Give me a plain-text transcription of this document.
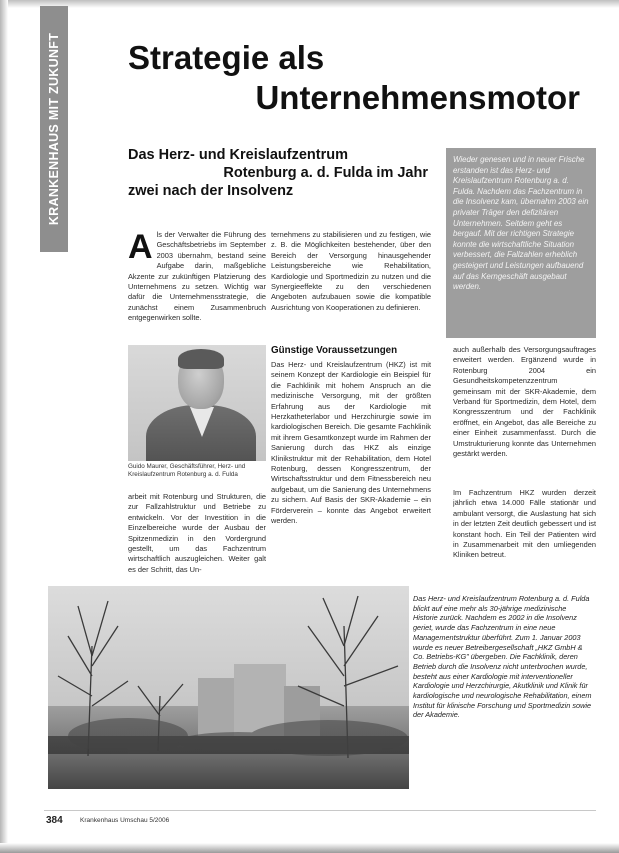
KRANKENHAUS MIT ZUKUNFT Strategie als
Unternehmensmotor
Das Herz- und Kreislaufzentrum
Rotenburg a. d. Fulda im Jahr
zwei nach der Insolvenz
Wieder genesen und in neuer Frische erstanden ist das Herz- und Kreislaufzentrum Rotenburg a. d. Fulda. Nachdem das Fachzentrum in die Insolvenz kam, übernahm 2003 ein privater Träger den defizitären Unternehmen. Seitdem geht es bergauf. Mit der richtigen Strategie konnte die wirtschaftliche Situation verbessert, die Fallzahlen erheblich gesteigert und Leistungen aufbauend auf das Kerngeschäft ausgebaut werden.
Als der Verwalter die Führung des Geschäftsbetriebs im September 2003 übernahm, bestand seine Aufgabe darin, maßgebliche Akzente zur zukünftigen Platzierung des Unternehmens zu setzen. Wichtig war dafür die Unternehmensstrategie, die zunächst einem Zusammenbruch entgegenwirken sollte.
Guido Maurer, Geschäftsführer, Herz- und Kreislaufzentrum Rotenburg a. d. Fulda
arbeit mit Rotenburg und Strukturen, die zur Fallzahlstruktur und Betriebe zu entwickeln. Vor der Investition in die Einzelbereiche wurde der Ausbau der Spitzenmedizin in den Vordergrund gestellt, um das Fachzentrum wirtschaftlich auszugleichen. Weiter galt es der Schritt, das Un-
ternehmens zu stabilisieren und zu festigen, wie z. B. die Möglichkeiten bestehender, über den Bereich der Versorgung hinausgehender Leistungsbereiche wie Rehabilitation, Kardiologie und Sportmedizin zu nutzen und die Synergieeffekte zu den verschiedenen Angeboten aufzubauen sowie die kompatible Ausrichtung von Kooperationen zu definieren.
Günstige Voraussetzungen
Das Herz- und Kreislaufzentrum (HKZ) ist mit seinem Konzept der Kardiologie ein Beispiel für die Fachklinik mit hohem Anspruch an die medizinische Versorgung, mit der größten Erfahrung aus der Kardiologie mit Herzkatheterlabor und Herzchirurgie sowie im kardiologischen Bereich. Die gesamte Fachklinik mit ihrem Gesamtkonzept wurde im Rahmen der Sanierung durch das HKZ als einzige Klinikstruktur mit der Rehabilitation, dem Hotel Rotenburg, dessen Kongresszentrum, der Wirtschaftsstruktur und dem Fitnessbereich neu aufgebaut, um die Sanierung des Unternehmens zu sichern. Auf Basis der SKR-Akademie – ein Förderverein – konnte das Angebot erweitert werden.
auch außerhalb des Versorgungsauftrages erweitert werden. Ergänzend wurde in Rotenburg 2004 ein Gesundheitskompetenzzentrum gemeinsam mit der SKR-Akademie, dem Verband für Sportmedizin, dem Hotel, dem Kongresszentrum und der Fachklinik eröffnet, ein Angebot, das alle Bereiche zu einer Einheit zusammenfasst. Durch die Umstrukturierung konnte das Unternehmen gestärkt werden.
Im Fachzentrum HKZ wurden derzeit jährlich etwa 14.000 Fälle stationär und ambulant versorgt, die Auslastung hat sich in der letzten Zeit deutlich gebessert und ist konstant hoch. Ein Teil der Patienten wird in Zusammenarbeit mit den umliegenden Kliniken betreut.
Das Herz- und Kreislaufzentrum Rotenburg a. d. Fulda blickt auf eine mehr als 30-jährige medizinische Historie zurück. Nachdem es 2002 in die Insolvenz geriet, wurde das Fachzentrum in eine neue Managementstruktur überführt. Zum 1. Januar 2003 wurde es neuer Betreibergesellschaft „HKZ GmbH & Co. Betriebs-KG" übergeben. Die Fachklinik, deren Betrieb durch die Insolvenz nicht unterbrochen wurde, besteht aus einer Kardiologie mit interventioneller Kardiologie und Herzchirurgie, Akutklinik und Klinik für kardiologische und neurologische Rehabilitation, einem Institut für klinische Forschung und Sportmedizin sowie der Akademie.
384	Krankenhaus Umschau 5/2006
